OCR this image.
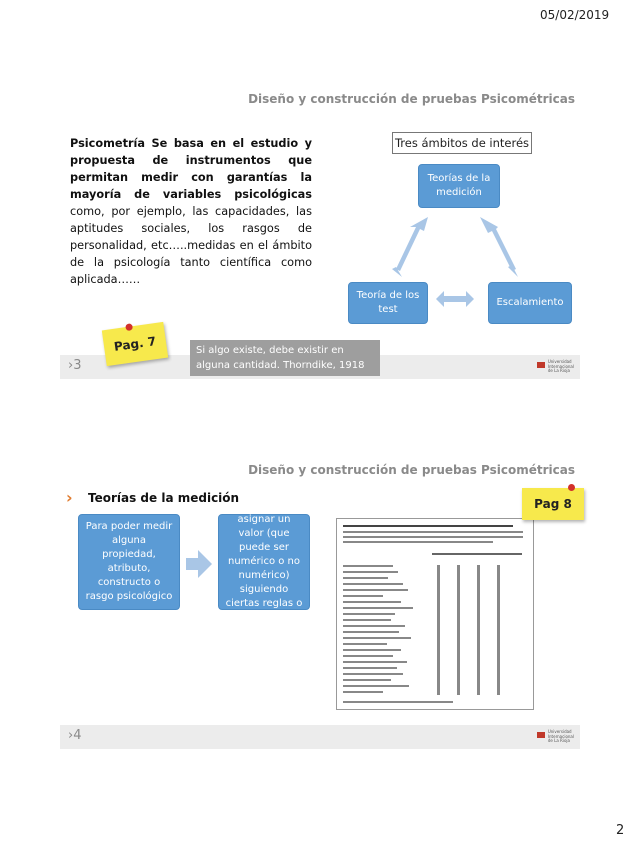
05/02/2019
2
Diseño y construcción de pruebas Psicométricas
Psicometría Se basa en el estudio y propuesta de instrumentos que permitan medir con garantías la mayoría de variables psicológicas como, por ejemplo, las capacidades, las aptitudes sociales, los rasgos de personalidad, etc…..medidas en el ámbito de la psicología tanto científica como aplicada……
Tres ámbitos de interés
Teorías de la medición
Teoría de los test
Escalamiento
›3	Universidad
Internacional
de La Rioja
Pag. 7	Si algo existe, debe existir en alguna cantidad. Thorndike, 1918
Diseño y construcción de pruebas Psicométricas
› Teorías de la medición
Para poder medir alguna propiedad, atributo, constructo o rasgo psicológico
Debemos asignar un valor (que puede ser numérico o no numérico) siguiendo ciertas reglas o normas
Pag 8
›4	Universidad
Internacional
de La Rioja
